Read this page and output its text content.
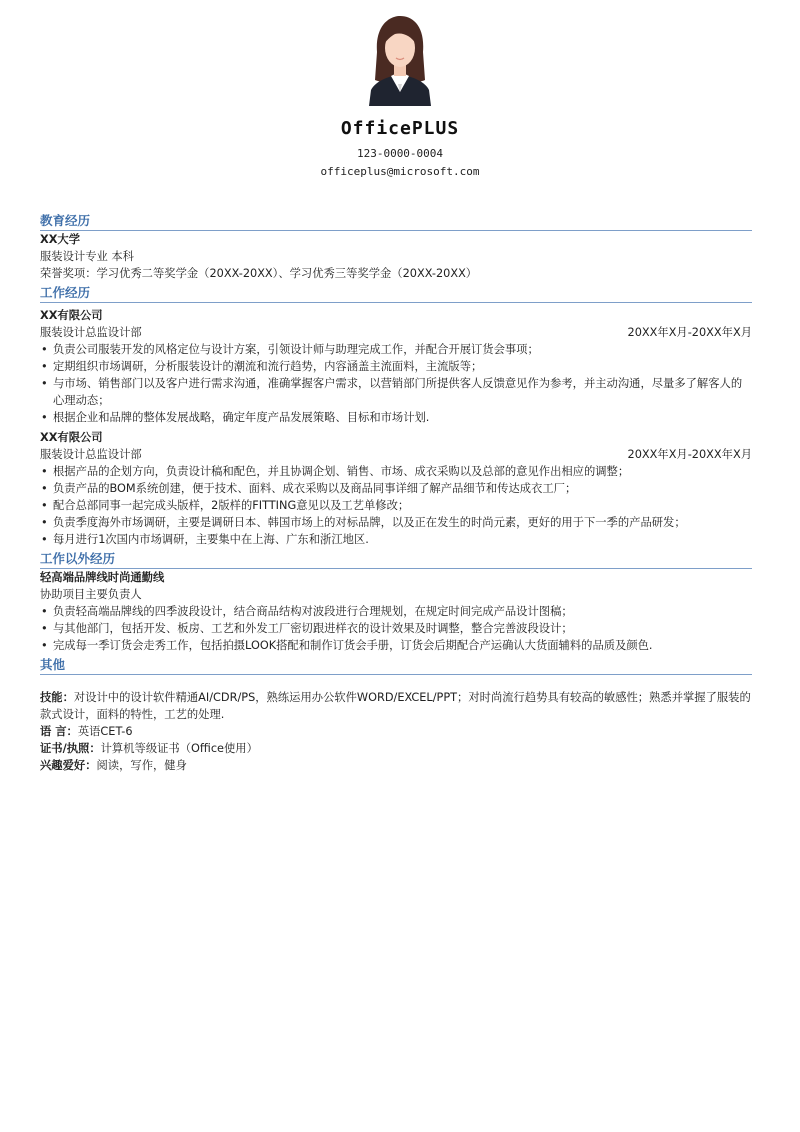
OfficePLUS
123-0000-0004
officeplus@microsoft.com
教育经历
XX大学
服装设计专业 本科
荣誉奖项：学习优秀二等奖学金（20XX-20XX）、学习优秀三等奖学金（20XX-20XX）
工作经历
XX有限公司
服装设计总监设计部	20XX年X月-20XX年X月
• 负责公司服装开发的风格定位与设计方案，引领设计师与助理完成工作，并配合开展订货会事项；
• 定期组织市场调研，分析服装设计的潮流和流行趋势，内容涵盖主流面料，主流版等；
• 与市场、销售部门以及客户进行需求沟通，准确掌握客户需求，以营销部门所提供客人反馈意见作为参考，并主动沟通，尽量多了解客人的心理动态；
• 根据企业和品牌的整体发展战略，确定年度产品发展策略、目标和市场计划.
XX有限公司
服装设计总监设计部	20XX年X月-20XX年X月
• 根据产品的企划方向，负责设计稿和配色，并且协调企划、销售、市场、成衣采购以及总部的意见作出相应的调整；
• 负责产品的BOM系统创建，便于技术、面料、成衣采购以及商品同事详细了解产品细节和传达成衣工厂；
• 配合总部同事一起完成头版样，2版样的FITTING意见以及工艺单修改；
• 负责季度海外市场调研，主要是调研日本、韩国市场上的对标品牌，以及正在发生的时尚元素，更好的用于下一季的产品研发；
• 每月进行1次国内市场调研，主要集中在上海、广东和浙江地区.
工作以外经历
轻高端品牌线时尚通勤线
协助项目主要负责人
• 负责轻高端品牌线的四季波段设计，结合商品结构对波段进行合理规划，在规定时间完成产品设计图稿；
• 与其他部门，包括开发、板房、工艺和外发工厂密切跟进样衣的设计效果及时调整，整合完善波段设计；
• 完成每一季订货会走秀工作，包括拍摄LOOK搭配和制作订货会手册，订货会后期配合产运确认大货面辅料的品质及颜色.
其他
技能：对设计中的设计软件精通AI/CDR/PS，熟练运用办公软件WORD/EXCEL/PPT；对时尚流行趋势具有较高的敏感性；熟悉并掌握了服装的款式设计，面料的特性，工艺的处理.
语 言：英语CET-6
证书/执照：计算机等级证书（Office使用）
兴趣爱好：阅读，写作，健身
